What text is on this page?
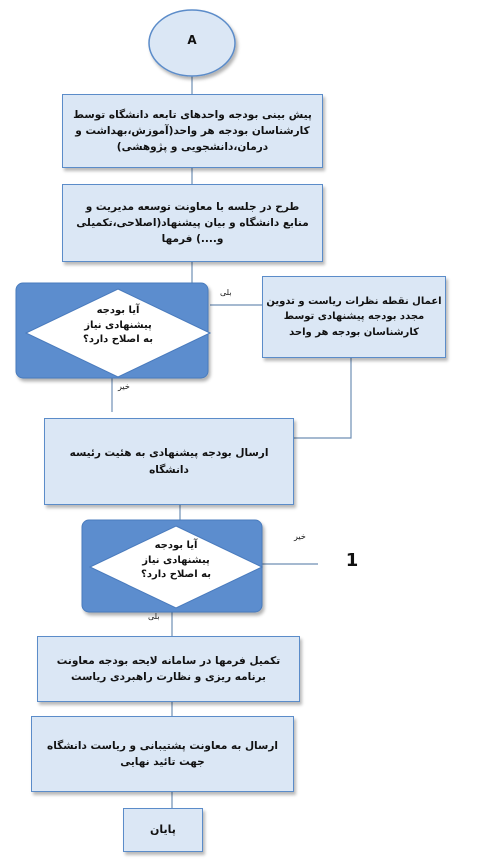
A
پیش بینی بودجه واحدهای تابعه دانشگاه توسط
کارشناسان بودجه هر واحد(آموزش،بهداشت و
درمان،دانشجویی و پژوهشی)
طرح در جلسه با معاونت توسعه مدیریت و
منابع دانشگاه و بیان پیشنهاد(اصلاحی،تکمیلی
و....) فرمها
اعمال نقطه نظرات ریاست و تدوین
مجدد بودجه پیشنهادی توسط
کارشناسان بودجه هر واحد
ارسال بودجه پیشنهادی به هئیت رئیسه
دانشگاه
تکمیل فرمها در سامانه لایحه بودجه معاونت
برنامه ریزی و نظارت راهبردی ریاست
ارسال به معاونت پشتیبانی و ریاست دانشگاه
جهت تائید نهایی
پایان
آیا بودجه
پیشنهادی نیاز
به اصلاح دارد؟
آیا بودجه
پیشنهادی نیاز
به اصلاح دارد؟
بلی
خیر
خیر
بلی
1
